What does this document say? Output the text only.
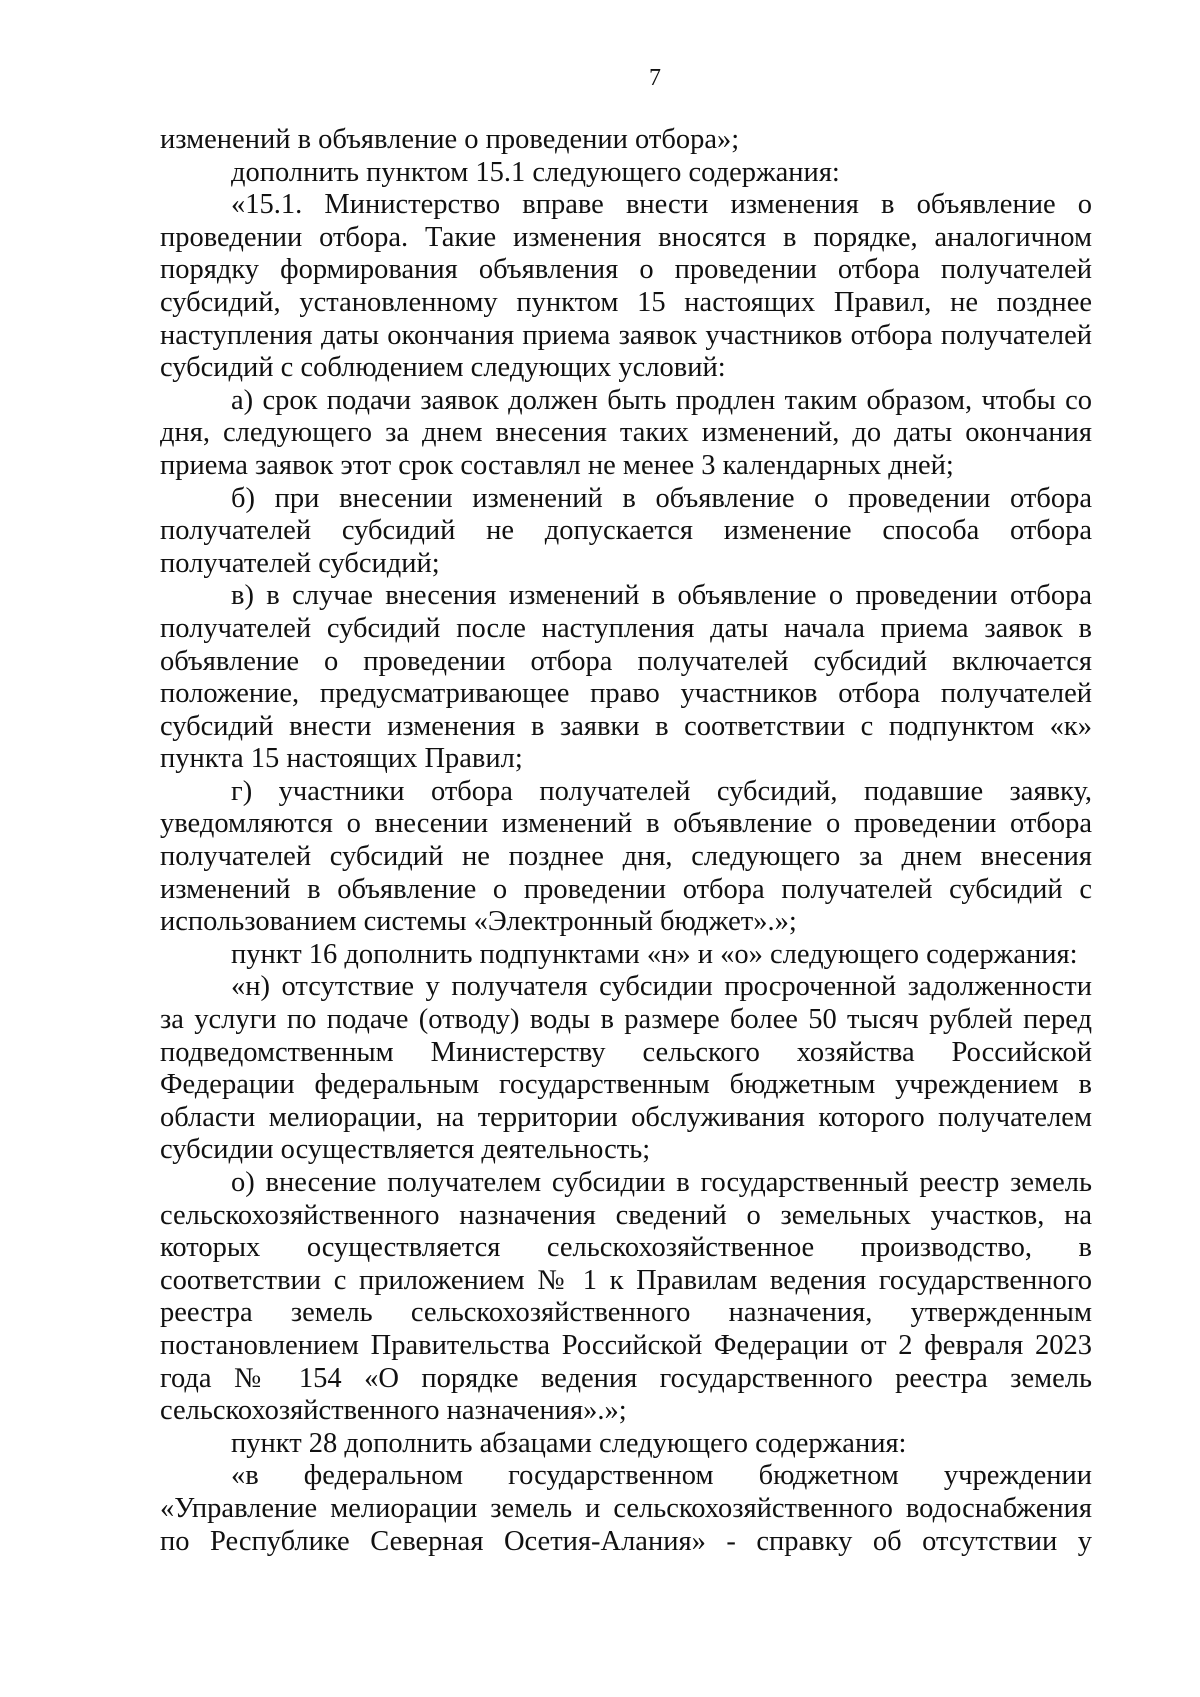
7

изменений в объявление о проведении отбора»;

дополнить пунктом 15.1 следующего содержания:

«15.1. Министерство вправе внести изменения в объявление о проведении отбора. Такие изменения вносятся в порядке, аналогичном порядку формирования объявления о проведении отбора получателей субсидий, установленному пунктом 15 настоящих Правил, не позднее наступления даты окончания приема заявок участников отбора получателей субсидий с соблюдением следующих условий:

а) срок подачи заявок должен быть продлен таким образом, чтобы со дня, следующего за днем внесения таких изменений, до даты окончания приема заявок этот срок составлял не менее 3 календарных дней;

б) при внесении изменений в объявление о проведении отбора получателей субсидий не допускается изменение способа отбора получателей субсидий;

в) в случае внесения изменений в объявление о проведении отбора получателей субсидий после наступления даты начала приема заявок в объявление о проведении отбора получателей субсидий включается положение, предусматривающее право участников отбора получателей субсидий внести изменения в заявки в соответствии с подпунктом «к» пункта 15 настоящих Правил;

г) участники отбора получателей субсидий, подавшие заявку, уведомляются о внесении изменений в объявление о проведении отбора получателей субсидий не позднее дня, следующего за днем внесения изменений в объявление о проведении отбора получателей субсидий с использованием системы «Электронный бюджет».»;

пункт 16 дополнить подпунктами «н» и «о» следующего содержания:

«н) отсутствие у получателя субсидии просроченной задолженности за услуги по подаче (отводу) воды в размере более 50 тысяч рублей перед подведомственным Министерству сельского хозяйства Российской Федерации федеральным государственным бюджетным учреждением в области мелиорации, на территории обслуживания которого получателем субсидии осуществляется деятельность;

о) внесение получателем субсидии в государственный реестр земель сельскохозяйственного назначения сведений о земельных участков, на которых осуществляется сельскохозяйственное производство, в соответствии с приложением № 1 к Правилам ведения государственного реестра земель сельскохозяйственного назначения, утвержденным постановлением Правительства Российской Федерации от 2 февраля 2023 года № 154 «О порядке ведения государственного реестра земель сельскохозяйственного назначения».»;

пункт 28 дополнить абзацами следующего содержания:

«в федеральном государственном бюджетном учреждении «Управление мелиорации земель и сельскохозяйственного водоснабжения по Республике Северная Осетия-Алания» - справку об отсутствии у
